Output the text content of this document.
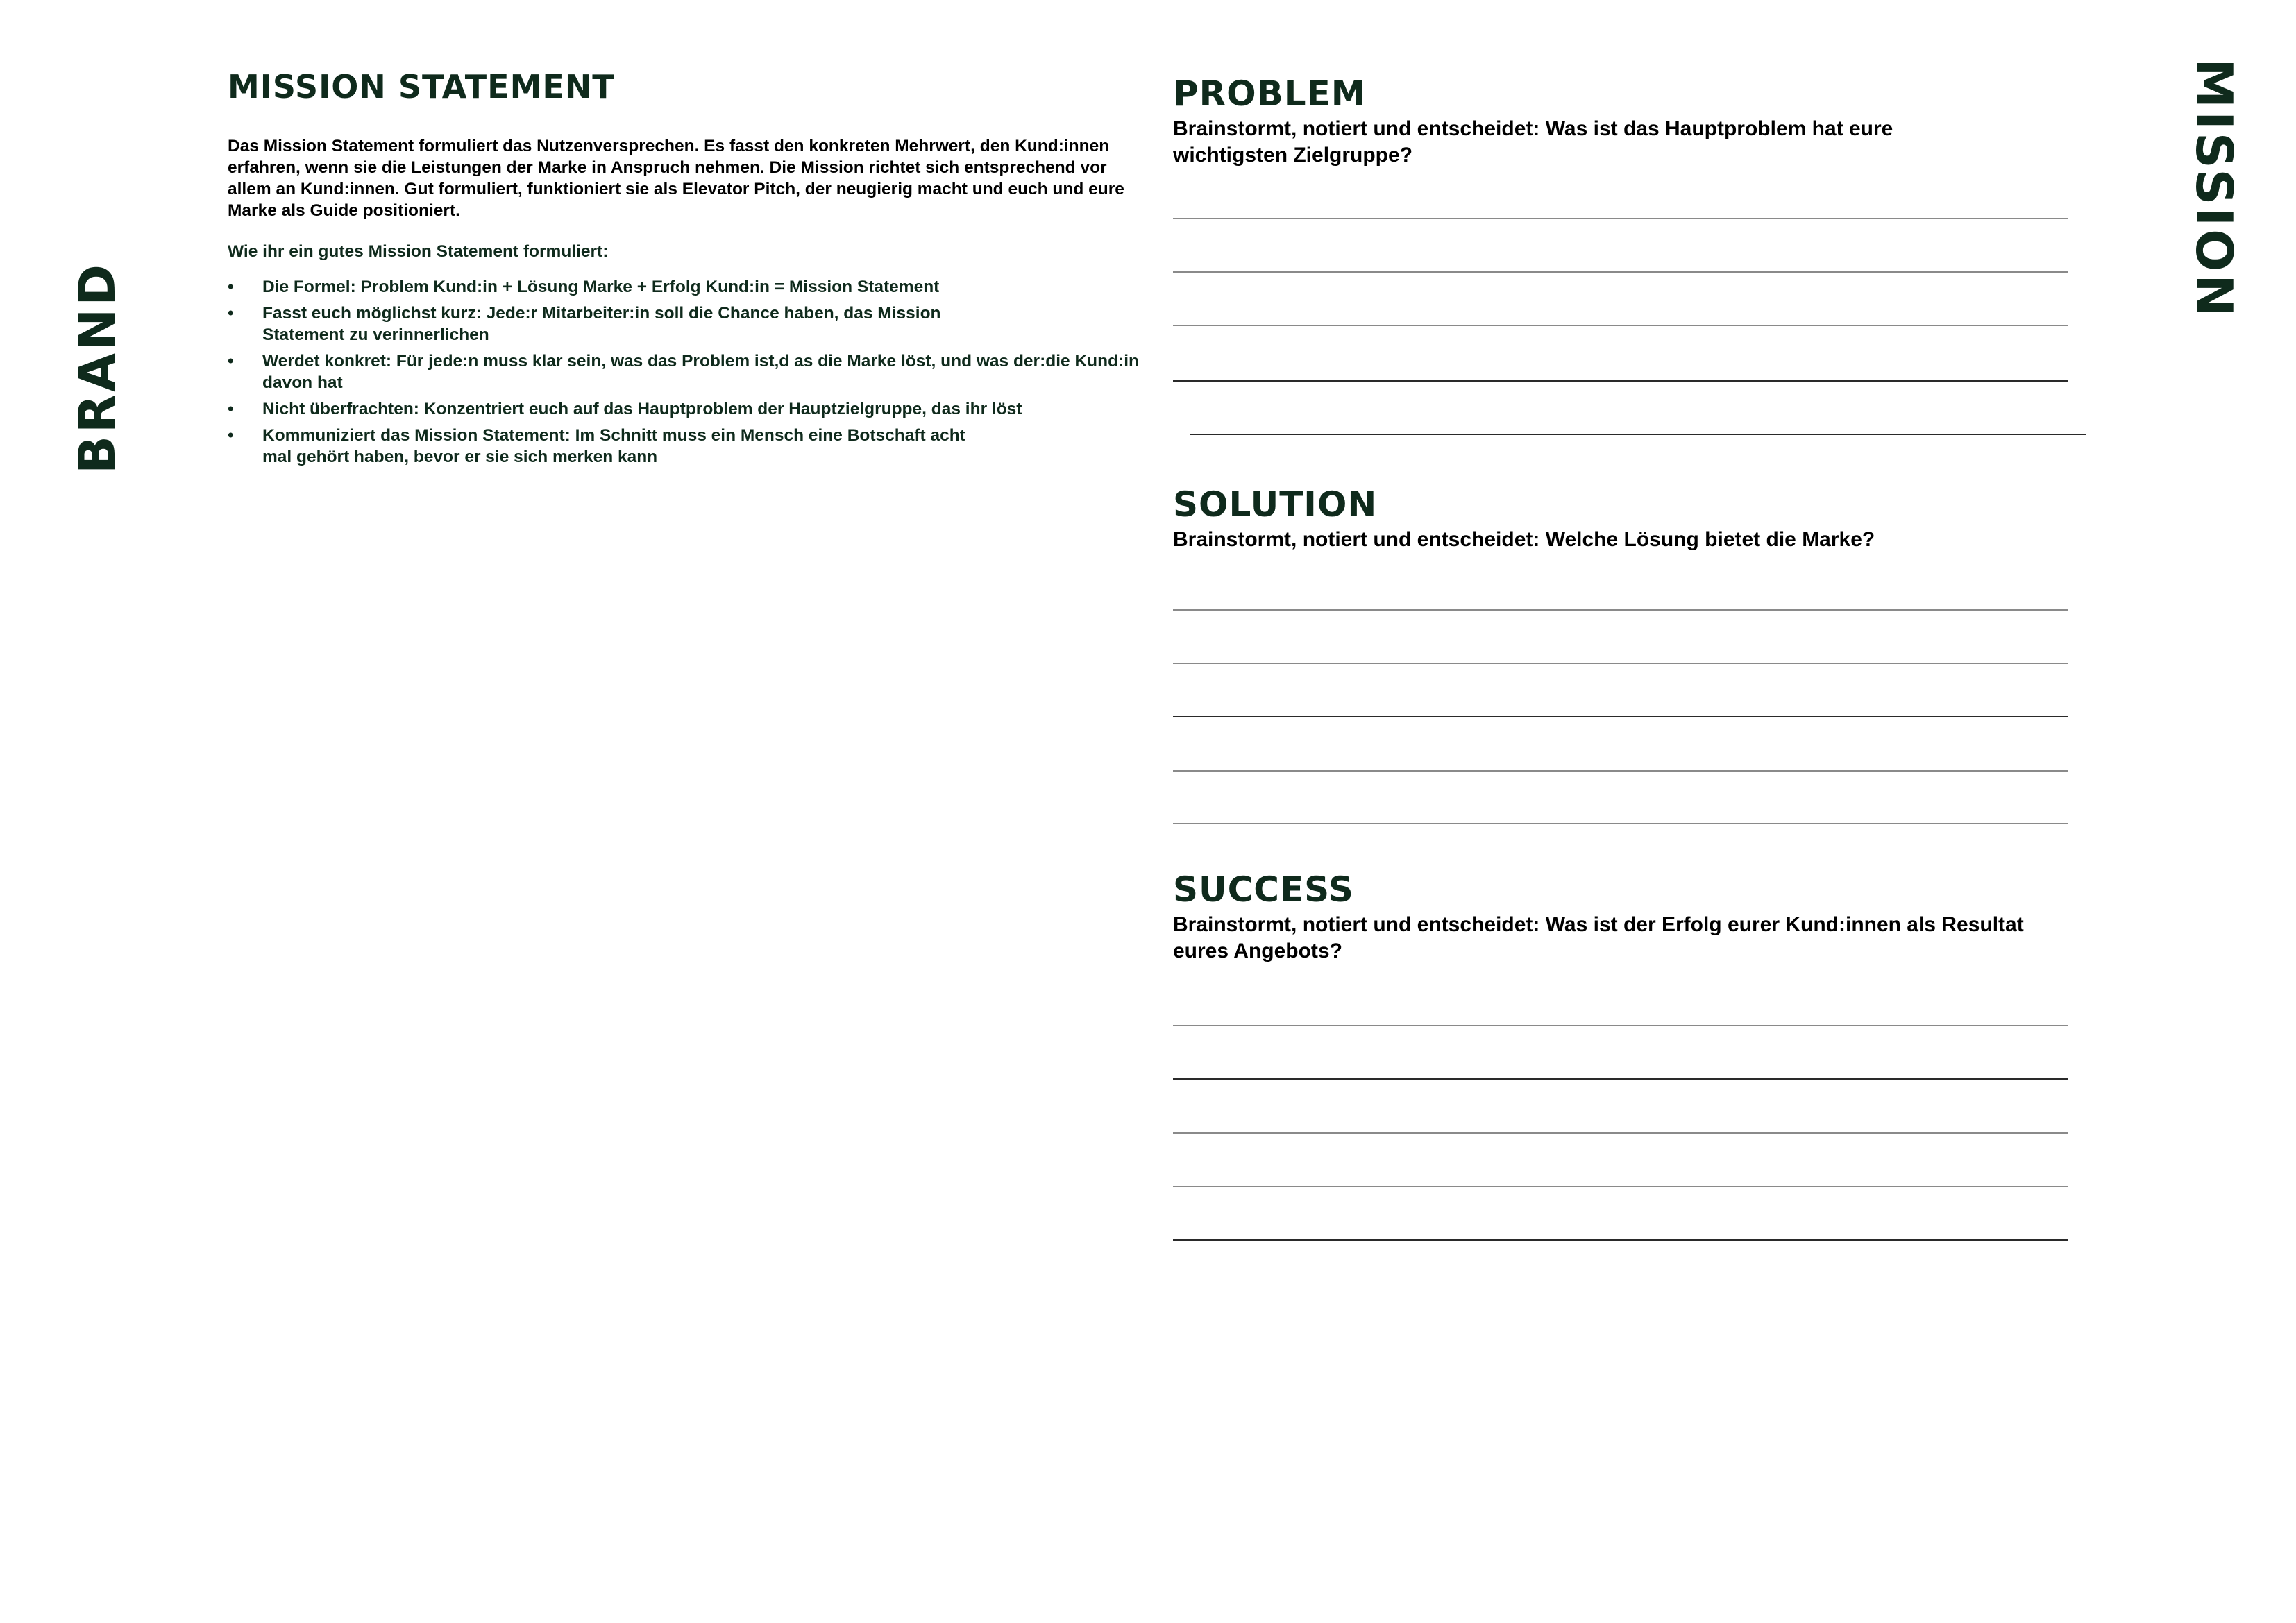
BRAND
MISSION
MISSION STATEMENT
Das Mission Statement formuliert das Nutzenversprechen. Es fasst den konkreten Mehrwert, den Kund:innen erfahren, wenn sie die Leistungen der Marke in Anspruch nehmen. Die Mission richtet sich entsprechend vor allem an Kund:innen. Gut formuliert, funktioniert sie als Elevator Pitch, der neugierig macht und euch und eure Marke als Guide positioniert.
Wie ihr ein gutes Mission Statement formuliert:
• Die Formel: Problem Kund:in + Lösung Marke + Erfolg Kund:in = Mission Statement
• Fasst euch möglichst kurz: Jede:r Mitarbeiter:in soll die Chance haben, das Mission Statement zu verinnerlichen
• Werdet konkret: Für jede:n muss klar sein, was das Problem ist,d as die Marke löst, und was der:die Kund:in davon hat
• Nicht überfrachten: Konzentriert euch auf das Hauptproblem der Hauptzielgruppe, das ihr löst
• Kommuniziert das Mission Statement: Im Schnitt muss ein Mensch eine Botschaft acht mal gehört haben, bevor er sie sich merken kann
PROBLEM
Brainstormt, notiert und entscheidet: Was ist das Hauptproblem hat eure wichtigsten Zielgruppe?
SOLUTION
Brainstormt, notiert und entscheidet: Welche Lösung bietet die Marke?
SUCCESS
Brainstormt, notiert und entscheidet: Was ist der Erfolg eurer Kund:innen als Resultat eures Angebots?
